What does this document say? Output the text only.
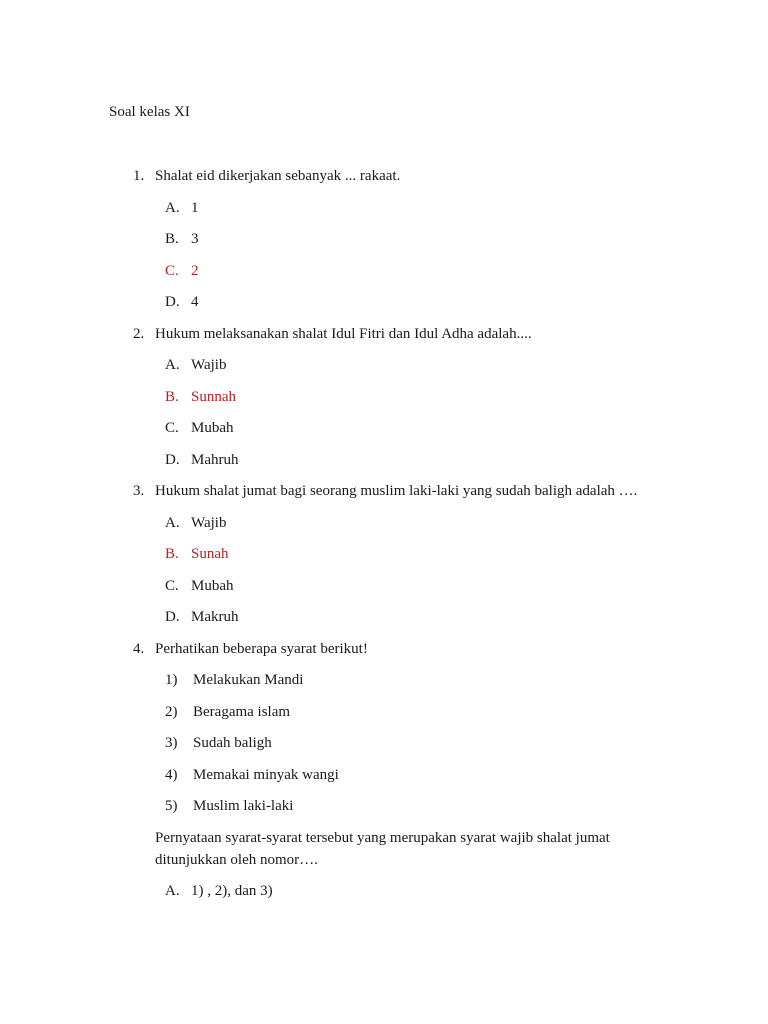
Soal kelas XI
1. Shalat eid dikerjakan sebanyak ... rakaat.
A. 1
B. 3
C. 2
D. 4
2. Hukum melaksanakan shalat Idul Fitri dan Idul Adha adalah....
A. Wajib
B. Sunnah
C. Mubah
D. Mahruh
3. Hukum shalat jumat bagi seorang muslim laki-laki yang sudah baligh adalah ….
A. Wajib
B. Sunah
C. Mubah
D. Makruh
4. Perhatikan beberapa syarat berikut!
1) Melakukan Mandi
2) Beragama islam
3) Sudah baligh
4) Memakai minyak wangi
5) Muslim laki-laki
Pernyataan syarat-syarat tersebut yang merupakan syarat wajib shalat jumat
ditunjukkan oleh nomor….
A. 1) , 2), dan 3)
